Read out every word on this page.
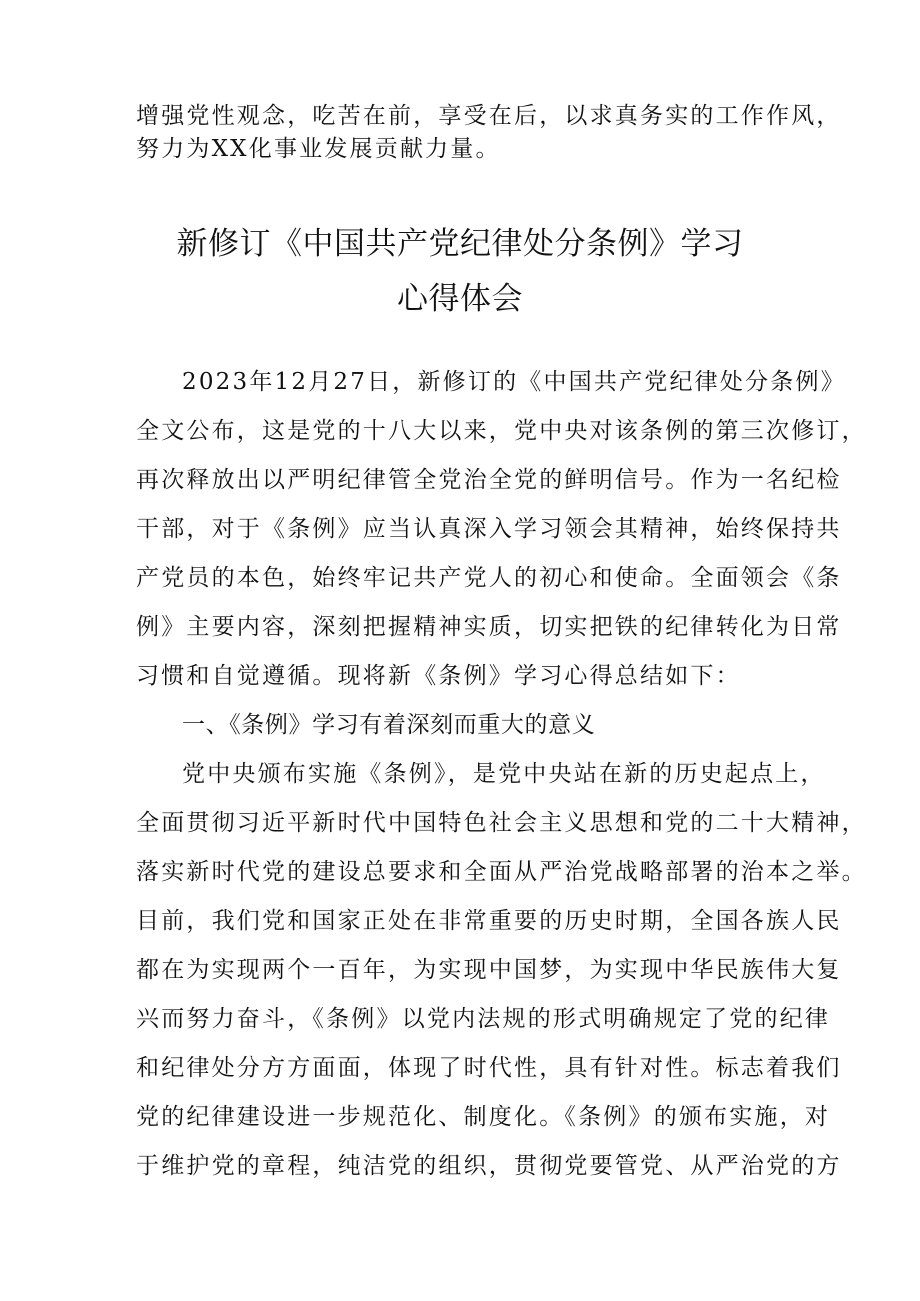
增强党性观念，吃苦在前，享受在后，以求真务实的工作作风，
努力为XX化事业发展贡献力量。
新修订《中国共产党纪律处分条例》学习
心得体会
2023年12月27日，新修订的《中国共产党纪律处分条例》
全文公布，这是党的十八大以来，党中央对该条例的第三次修订，
再次释放出以严明纪律管全党治全党的鲜明信号。作为一名纪检
干部，对于《条例》应当认真深入学习领会其精神，始终保持共
产党员的本色，始终牢记共产党人的初心和使命。全面领会《条
例》主要内容，深刻把握精神实质，切实把铁的纪律转化为日常
习惯和自觉遵循。现将新《条例》学习心得总结如下：
一、《条例》学习有着深刻而重大的意义
党中央颁布实施《条例》，是党中央站在新的历史起点上，
全面贯彻习近平新时代中国特色社会主义思想和党的二十大精神，
落实新时代党的建设总要求和全面从严治党战略部署的治本之举。
目前，我们党和国家正处在非常重要的历史时期，全国各族人民
都在为实现两个一百年，为实现中国梦，为实现中华民族伟大复
兴而努力奋斗，《条例》以党内法规的形式明确规定了党的纪律
和纪律处分方方面面，体现了时代性，具有针对性。标志着我们
党的纪律建设进一步规范化、制度化。《条例》的颁布实施，对
于维护党的章程，纯洁党的组织，贯彻党要管党、从严治党的方
